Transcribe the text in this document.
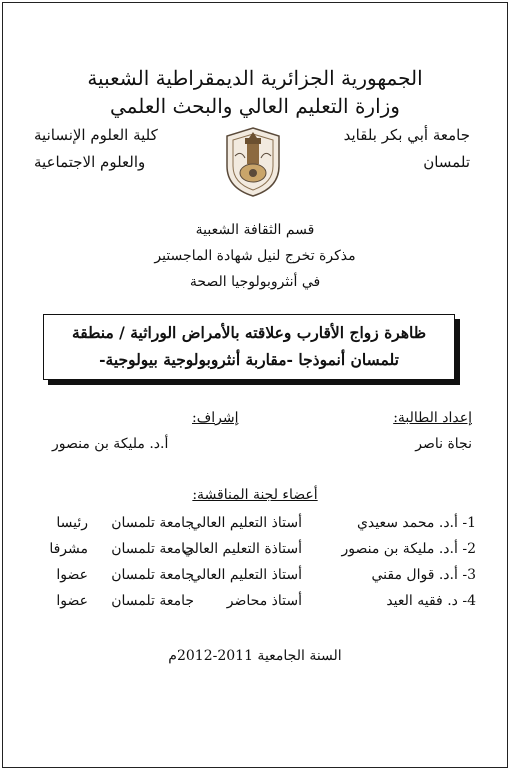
الجمهورية الجزائرية الديمقراطية الشعبية
وزارة التعليم العالي والبحث العلمي
جامعة أبي بكر بلقايد
تلمسان
كلية العلوم الإنسانية
والعلوم الاجتماعية
قسم الثقافة الشعبية
مذكرة تخرج لنيل شهادة الماجستير
في أنثروبولوجيا الصحة
ظاهرة زواج الأقارب وعلاقته بالأمراض الوراثية / منطقة
تلمسان أنموذجا -مقاربة أنثروبولوجية بيولوجية-
إعداد الطالبة:
إشراف:
نجاة ناصر
أ.د. مليكة بن منصور
أعضاء لجنة المناقشة:
1- أ.د. محمد سعيدي
أستاذ التعليم العالي
جامعة تلمسان
رئيسا
2- أ.د. مليكة بن منصور
أستاذة التعليم العالي
جامعة تلمسان
مشرفا
3- أ.د. قوال مقني
أستاذ التعليم العالي
جامعة تلمسان
عضوا
4- د. فقيه العيد
أستاذ محاضر
جامعة تلمسان
عضوا
السنة الجامعية 2011-2012م
